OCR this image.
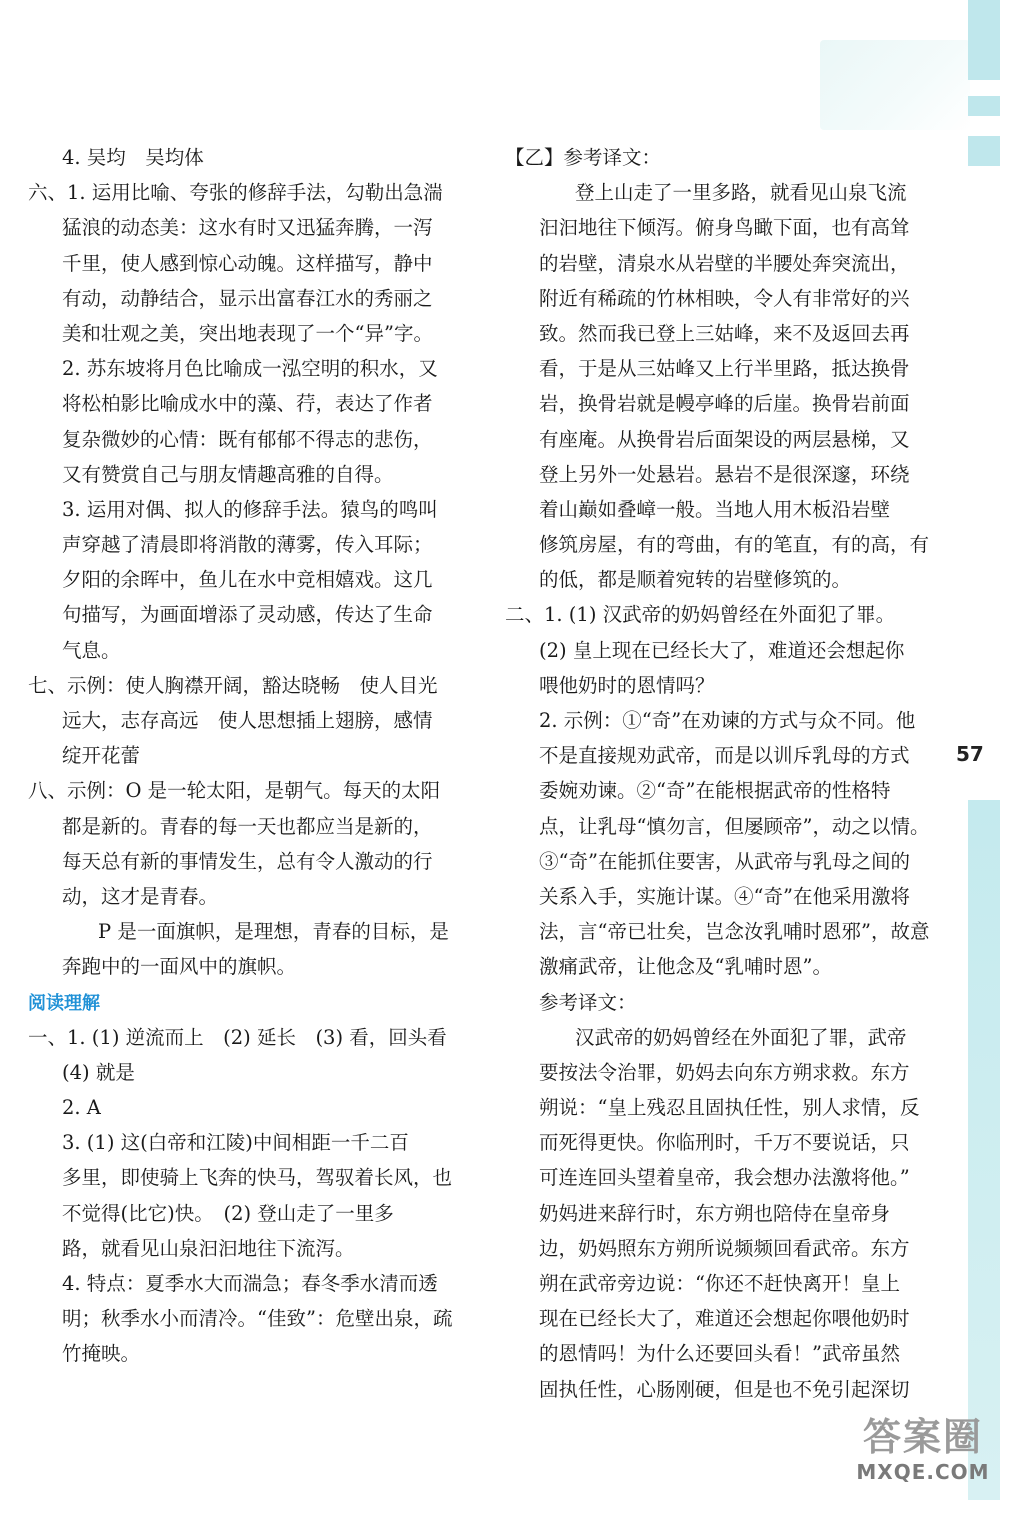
57
4. 吴均　吴均体
六、1. 运用比喻、夸张的修辞手法，勾勒出急湍
猛浪的动态美：这水有时又迅猛奔腾，一泻
千里，使人感到惊心动魄。这样描写，静中
有动，动静结合，显示出富春江水的秀丽之
美和壮观之美，突出地表现了一个“异”字。
2. 苏东坡将月色比喻成一泓空明的积水，又
将松柏影比喻成水中的藻、荇，表达了作者
复杂微妙的心情：既有郁郁不得志的悲伤，
又有赞赏自己与朋友情趣高雅的自得。
3. 运用对偶、拟人的修辞手法。猿鸟的鸣叫
声穿越了清晨即将消散的薄雾，传入耳际；
夕阳的余晖中，鱼儿在水中竞相嬉戏。这几
句描写，为画面增添了灵动感，传达了生命
气息。
七、示例：使人胸襟开阔，豁达晓畅　使人目光
远大，志存高远　使人思想插上翅膀，感情
绽开花蕾
八、示例：O 是一轮太阳，是朝气。每天的太阳
都是新的。青春的每一天也都应当是新的，
每天总有新的事情发生，总有令人激动的行
动，这才是青春。
P 是一面旗帜，是理想，青春的目标，是
奔跑中的一面风中的旗帜。
阅读理解
一、1. (1) 逆流而上　(2) 延长　(3) 看，回头看
(4) 就是
2. A
3. (1) 这(白帝和江陵)中间相距一千二百
多里，即使骑上飞奔的快马，驾驭着长风，也
不觉得(比它)快。　(2) 登山走了一里多
路，就看见山泉汩汩地往下流泻。
4. 特点：夏季水大而湍急；春冬季水清而透
明；秋季水小而清冷。“佳致”：危壁出泉，疏
竹掩映。
【乙】参考译文：
登上山走了一里多路，就看见山泉飞流
汩汩地往下倾泻。俯身鸟瞰下面，也有高耸
的岩壁，清泉水从岩壁的半腰处奔突流出，
附近有稀疏的竹林相映，令人有非常好的兴
致。然而我已登上三姑峰，来不及返回去再
看，于是从三姑峰又上行半里路，抵达换骨
岩，换骨岩就是幔亭峰的后崖。换骨岩前面
有座庵。从换骨岩后面架设的两层悬梯，又
登上另外一处悬岩。悬岩不是很深邃，环绕
着山巅如叠嶂一般。当地人用木板沿岩壁
修筑房屋，有的弯曲，有的笔直，有的高，有
的低，都是顺着宛转的岩壁修筑的。
二、1. (1) 汉武帝的奶妈曾经在外面犯了罪。
(2) 皇上现在已经长大了，难道还会想起你
喂他奶时的恩情吗？
2. 示例：①“奇”在劝谏的方式与众不同。他
不是直接规劝武帝，而是以训斥乳母的方式
委婉劝谏。②“奇”在能根据武帝的性格特
点，让乳母“慎勿言，但屡顾帝”，动之以情。
③“奇”在能抓住要害，从武帝与乳母之间的
关系入手，实施计谋。④“奇”在他采用激将
法，言“帝已壮矣，岂念汝乳哺时恩邪”，故意
激痛武帝，让他念及“乳哺时恩”。
参考译文：
汉武帝的奶妈曾经在外面犯了罪，武帝
要按法令治罪，奶妈去向东方朔求救。东方
朔说：“皇上残忍且固执任性，别人求情，反
而死得更快。你临刑时，千万不要说话，只
可连连回头望着皇帝，我会想办法激将他。”
奶妈进来辞行时，东方朔也陪侍在皇帝身
边，奶妈照东方朔所说频频回看武帝。东方
朔在武帝旁边说：“你还不赶快离开！皇上
现在已经长大了，难道还会想起你喂他奶时
的恩情吗！为什么还要回头看！”武帝虽然
固执任性，心肠刚硬，但是也不免引起深切
答案圈
MXQE.COM
